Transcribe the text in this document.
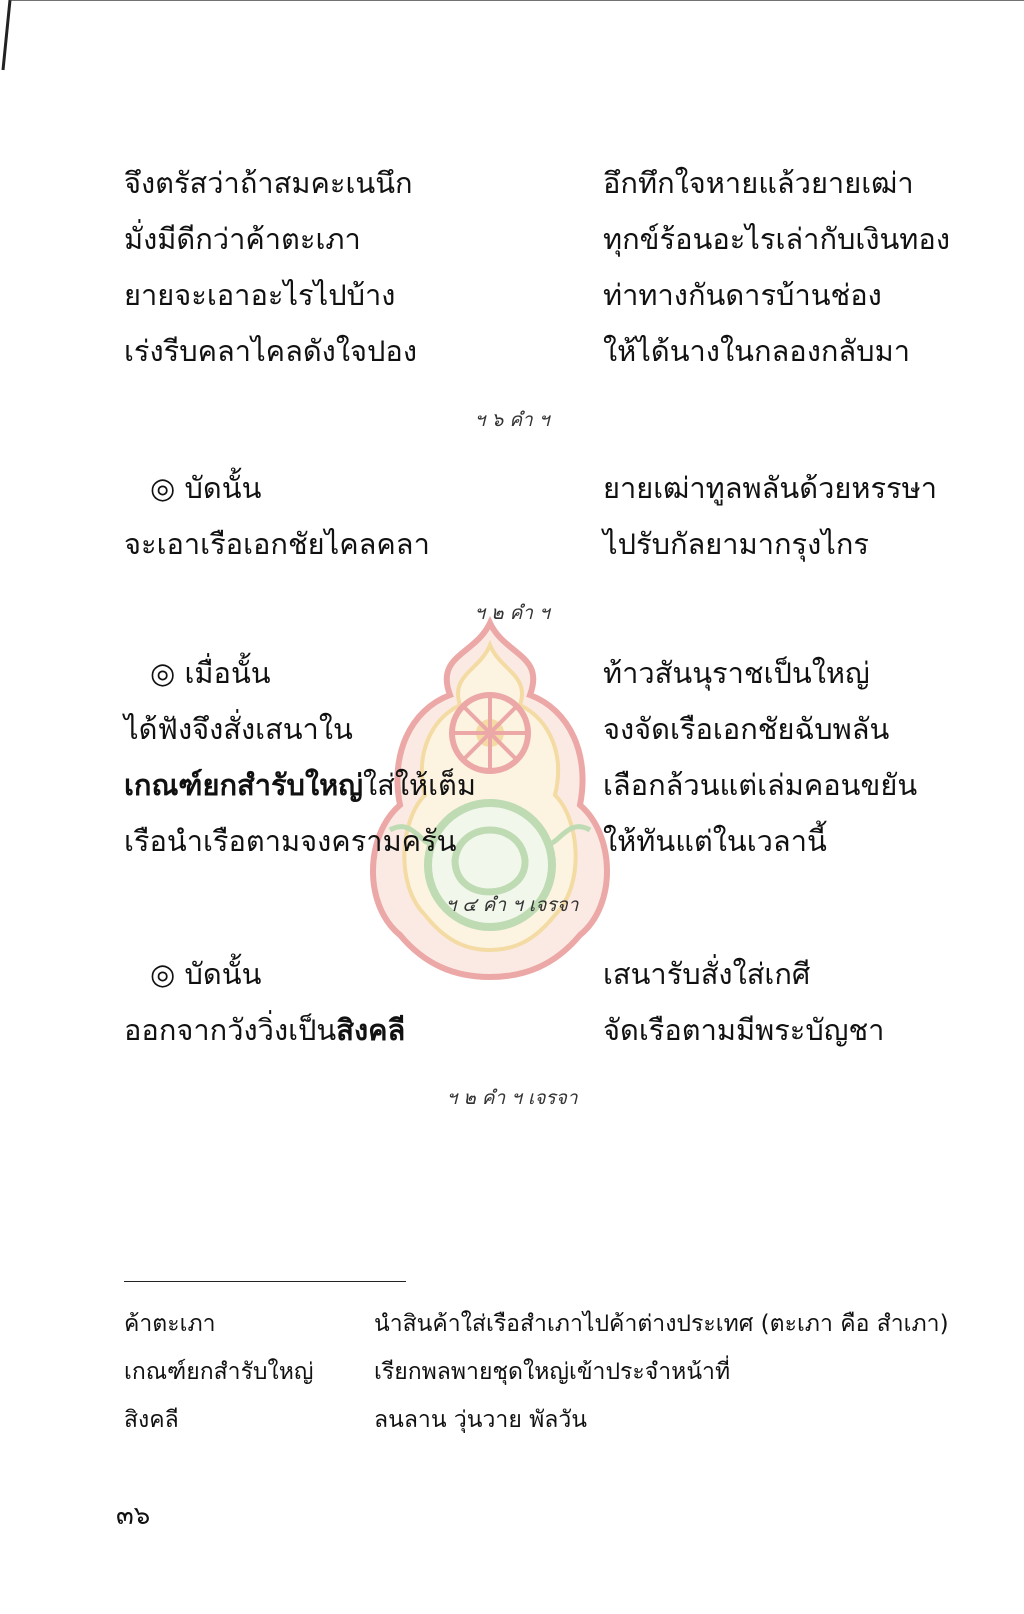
จึงตรัสว่าถ้าสมคะเนนึก	อึกทึกใจหายแล้วยายเฒ่า
มั่งมีดีกว่าค้าตะเภา	ทุกข์ร้อนอะไรเล่ากับเงินทอง
ยายจะเอาอะไรไปบ้าง	ท่าทางกันดารบ้านช่อง
เร่งรีบคลาไคลดังใจปอง	ให้ได้นางในกลองกลับมา
ฯ ๖ คำ ฯ
◎ บัดนั้น	ยายเฒ่าทูลพลันด้วยหรรษา
จะเอาเรือเอกชัยไคลคลา	ไปรับกัลยามากรุงไกร
ฯ ๒ คำ ฯ
◎ เมื่อนั้น	ท้าวสันนุราชเป็นใหญ่
ได้ฟังจึงสั่งเสนาใน	จงจัดเรือเอกชัยฉับพลัน
เกณฑ์ยกสำรับใหญ่ใส่ให้เต็ม	เลือกล้วนแต่เล่มคอนขยัน
เรือนำเรือตามจงครามครัน	ให้ทันแต่ในเวลานี้
ฯ ๔ คำ ฯ เจรจา
◎ บัดนั้น	เสนารับสั่งใส่เกศี
ออกจากวังวิ่งเป็นสิงคลี	จัดเรือตามมีพระบัญชา
ฯ ๒ คำ ฯ เจรจา
ค้าตะเภา	นำสินค้าใส่เรือสำเภาไปค้าต่างประเทศ (ตะเภา คือ สำเภา)
เกณฑ์ยกสำรับใหญ่	เรียกพลพายชุดใหญ่เข้าประจำหน้าที่
สิงคลี	ลนลาน วุ่นวาย พัลวัน
๓๖
